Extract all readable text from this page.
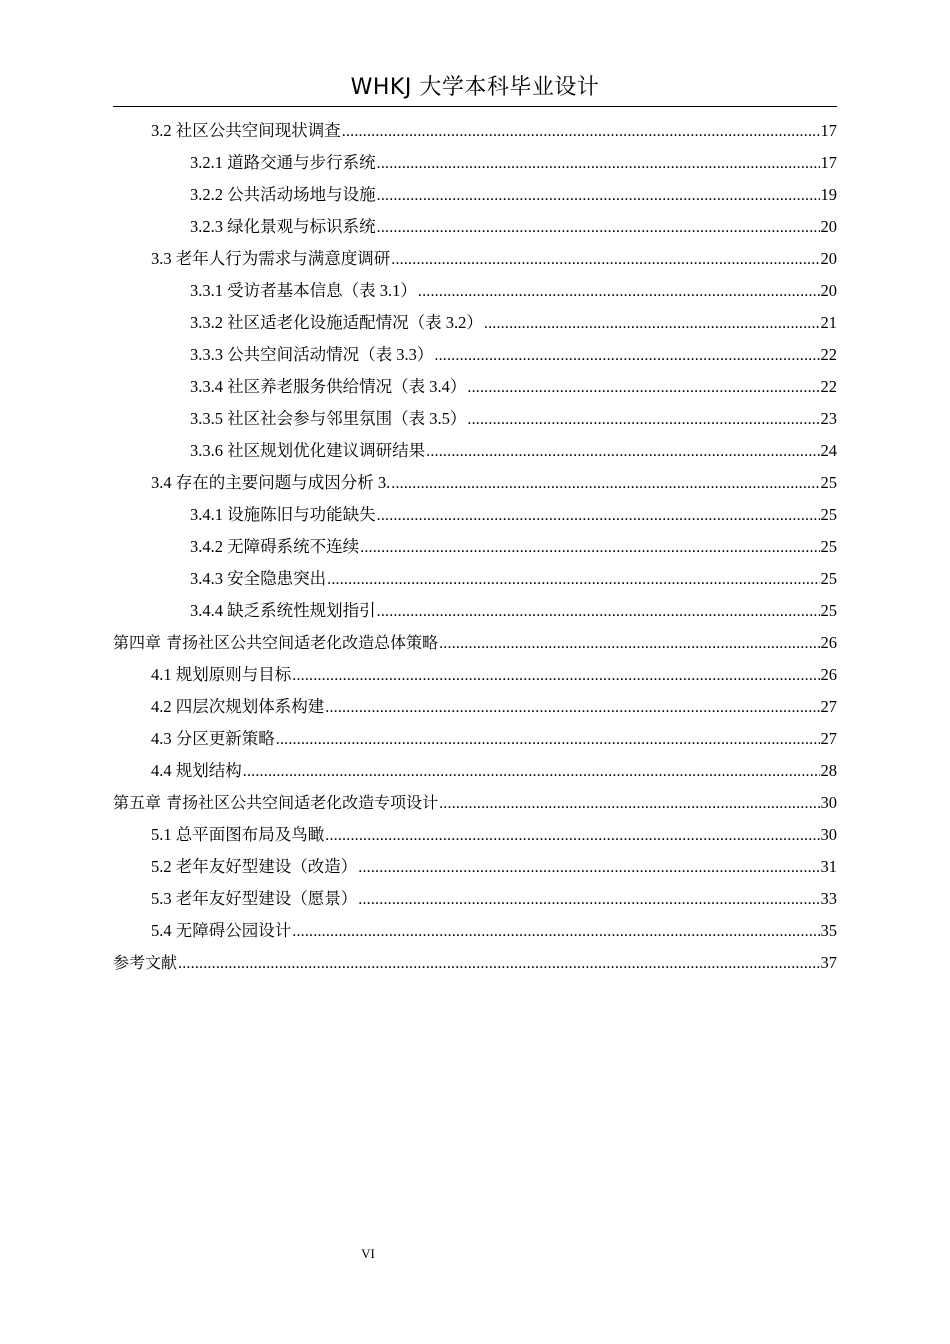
WHKJ 大学本科毕业设计
3.2 社区公共空间现状调查 .....	17
3.2.1 道路交通与步行系统 .....	17
3.2.2 公共活动场地与设施 .....	19
3.2.3 绿化景观与标识系统 .....	20
3.3 老年人行为需求与满意度调研 .....	20
3.3.1 受访者基本信息（表 3.1） .....	20
3.3.2 社区适老化设施适配情况（表 3.2） .....	21
3.3.3 公共空间活动情况（表 3.3） .....	22
3.3.4 社区养老服务供给情况（表 3.4） .....	22
3.3.5 社区社会参与邻里氛围（表 3.5） .....	23
3.3.6 社区规划优化建议调研结果 .....	24
3.4 存在的主要问题与成因分析 3. .....	25
3.4.1 设施陈旧与功能缺失 .....	25
3.4.2 无障碍系统不连续 .....	25
3.4.3 安全隐患突出 .....	25
3.4.4 缺乏系统性规划指引 .....	25
第四章 青扬社区公共空间适老化改造总体策略 .....	26
4.1 规划原则与目标 .....	26
4.2 四层次规划体系构建 .....	27
4.3 分区更新策略 .....	27
4.4 规划结构 .....	28
第五章 青扬社区公共空间适老化改造专项设计 .....	30
5.1 总平面图布局及鸟瞰 .....	30
5.2 老年友好型建设（改造） .....	31
5.3 老年友好型建设（愿景） .....	33
5.4 无障碍公园设计 .....	35
参考文献 .....	37
VI
